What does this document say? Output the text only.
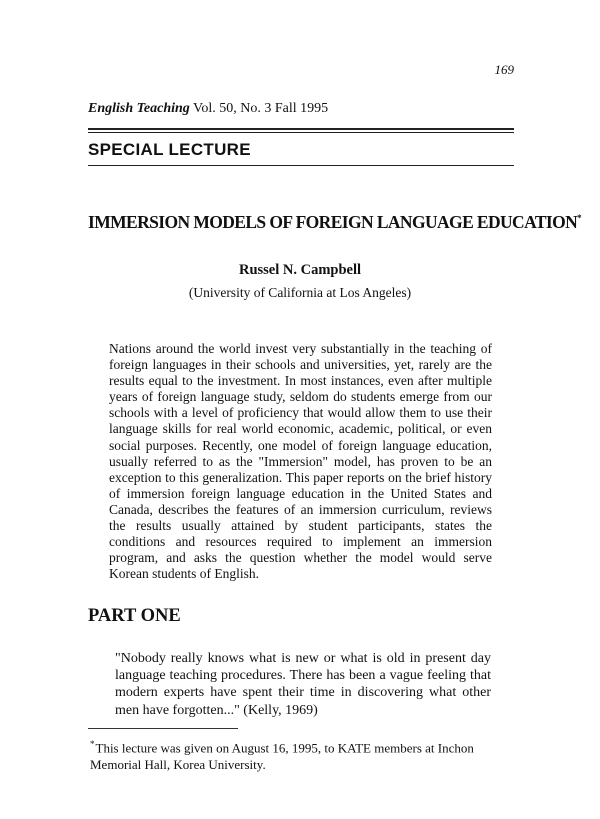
169
English Teaching Vol. 50, No. 3 Fall 1995
SPECIAL LECTURE
IMMERSION MODELS OF FOREIGN LANGUAGE EDUCATION*
Russel N. Campbell
(University of California at Los Angeles)
Nations around the world invest very substantially in the teaching of foreign languages in their schools and universities, yet, rarely are the results equal to the investment. In most instances, even after multiple years of foreign language study, seldom do students emerge from our schools with a level of proficiency that would allow them to use their language skills for real world economic, academic, political, or even social purposes. Recently, one model of foreign language education, usually referred to as the "Immersion" model, has proven to be an exception to this generalization. This paper reports on the brief history of immersion foreign language education in the United States and Canada, describes the features of an immersion curriculum, reviews the results usually attained by student participants, states the conditions and resources required to implement an immersion program, and asks the question whether the model would serve Korean students of English.
PART ONE
"Nobody really knows what is new or what is old in present day language teaching procedures. There has been a vague feeling that modern experts have spent their time in discovering what other men have forgotten..." (Kelly, 1969)
*This lecture was given on August 16, 1995, to KATE members at Inchon Memorial Hall, Korea University.
